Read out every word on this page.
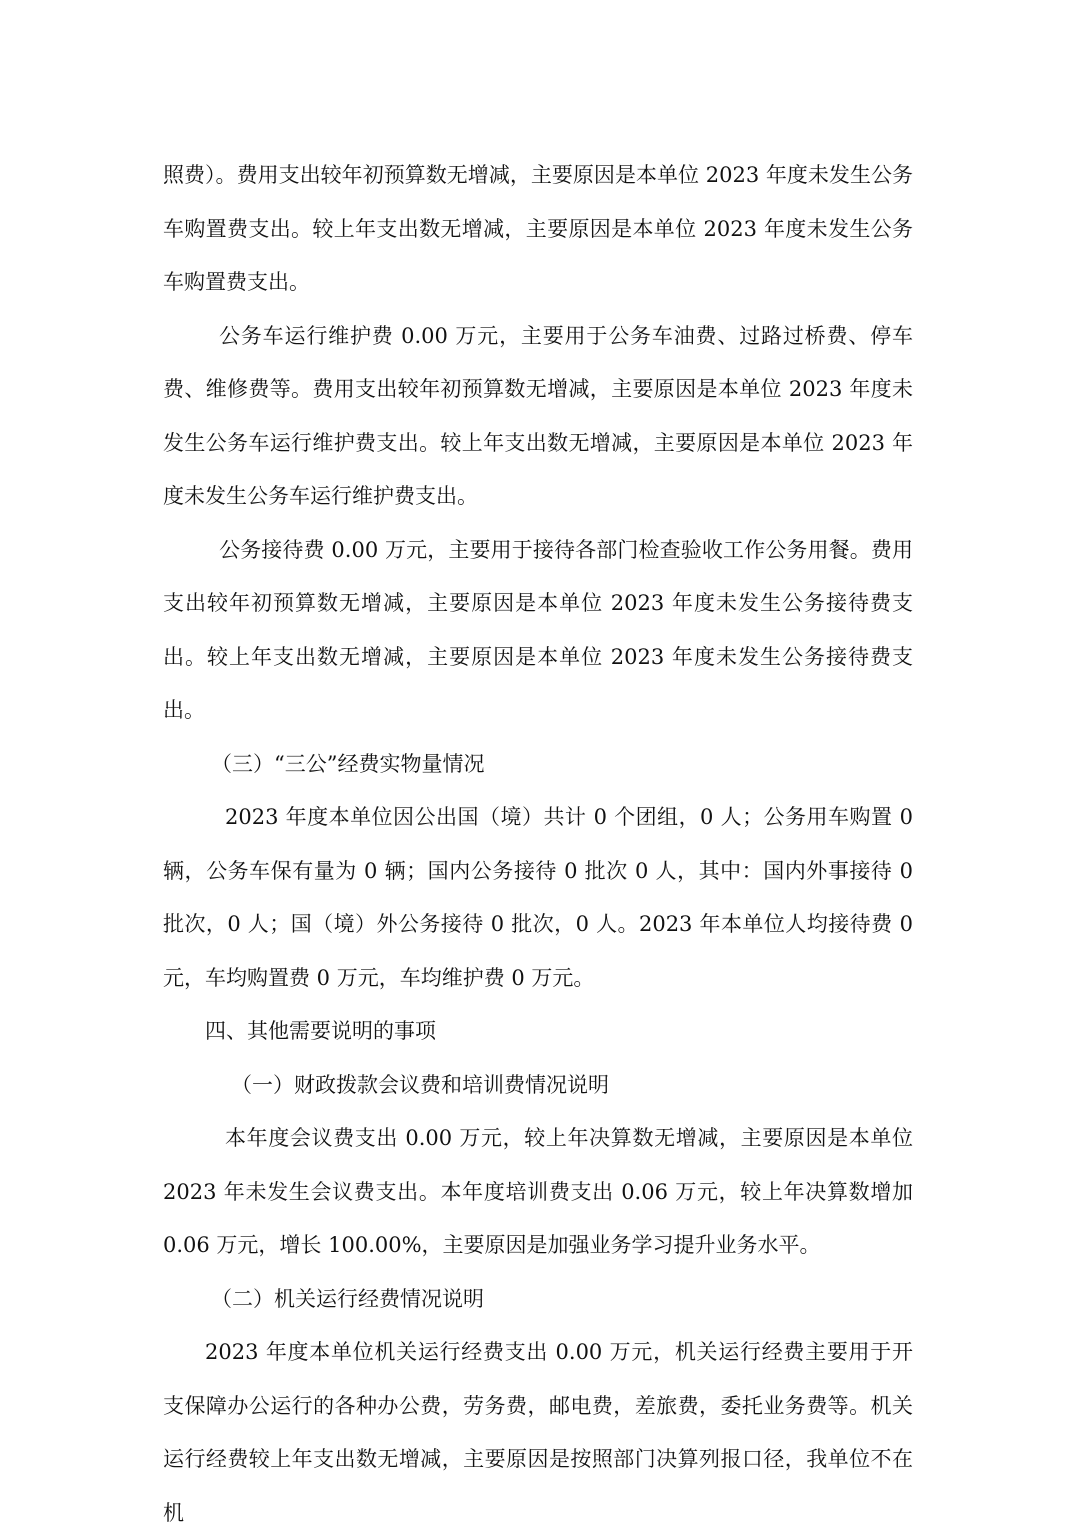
照费）。费用支出较年初预算数无增减，主要原因是本单位 2023 年度未发生公务车购置费支出。较上年支出数无增减，主要原因是本单位 2023 年度未发生公务车购置费支出。

公务车运行维护费 0.00 万元，主要用于公务车油费、过路过桥费、停车费、维修费等。费用支出较年初预算数无增减，主要原因是本单位 2023 年度未发生公务车运行维护费支出。较上年支出数无增减，主要原因是本单位 2023 年度未发生公务车运行维护费支出。

公务接待费 0.00 万元，主要用于接待各部门检查验收工作公务用餐。费用支出较年初预算数无增减，主要原因是本单位 2023 年度未发生公务接待费支出。较上年支出数无增减，主要原因是本单位 2023 年度未发生公务接待费支出。

（三）“三公”经费实物量情况

2023 年度本单位因公出国（境）共计 0 个团组，0 人；公务用车购置 0 辆，公务车保有量为 0 辆；国内公务接待 0 批次 0 人，其中：国内外事接待 0 批次，0 人；国（境）外公务接待 0 批次，0 人。2023 年本单位人均接待费 0 元，车均购置费 0 万元，车均维护费 0 万元。

四、其他需要说明的事项

（一）财政拨款会议费和培训费情况说明

本年度会议费支出 0.00 万元，较上年决算数无增减，主要原因是本单位 2023 年未发生会议费支出。本年度培训费支出 0.06 万元，较上年决算数增加 0.06 万元，增长 100.00%，主要原因是加强业务学习提升业务水平。

（二）机关运行经费情况说明

2023 年度本单位机关运行经费支出 0.00 万元，机关运行经费主要用于开支保障办公运行的各种办公费，劳务费，邮电费，差旅费，委托业务费等。机关运行经费较上年支出数无增减，主要原因是按照部门决算列报口径，我单位不在机
